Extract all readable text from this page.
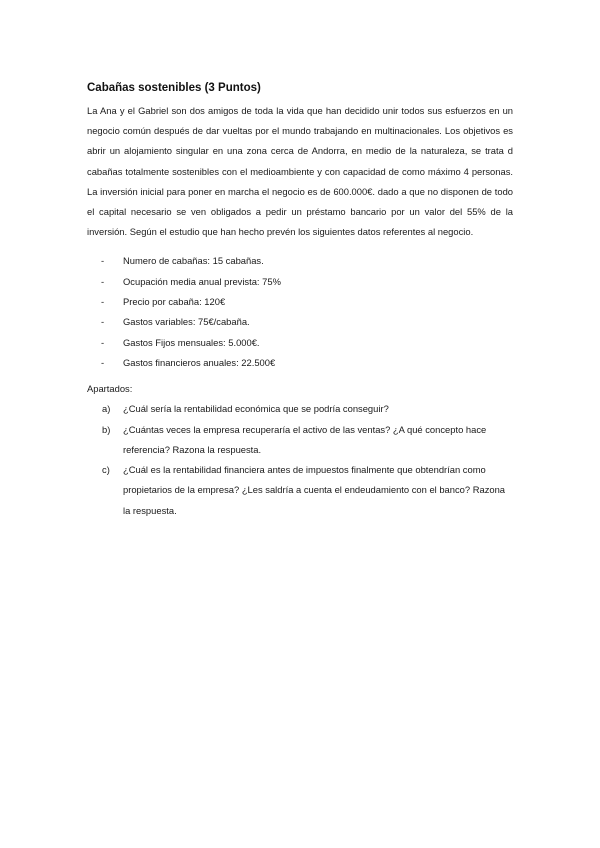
Cabañas sostenibles (3 Puntos)

La Ana y el Gabriel son dos amigos de toda la vida que han decidido unir todos sus esfuerzos en un negocio común después de dar vueltas por el mundo trabajando en multinacionales. Los objetivos es abrir un alojamiento singular en una zona cerca de Andorra, en medio de la naturaleza, se trata d cabañas totalmente sostenibles con el medioambiente y con capacidad de como máximo 4 personas. La inversión inicial para poner en marcha el negocio es de 600.000€. dado a que no disponen de todo el capital necesario se ven obligados a pedir un préstamo bancario por un valor del 55% de la inversión. Según el estudio que han hecho prevén los siguientes datos referentes al negocio.

- Numero de cabañas: 15 cabañas.
- Ocupación media anual prevista: 75%
- Precio por cabaña: 120€
- Gastos variables: 75€/cabaña.
- Gastos Fijos mensuales: 5.000€.
- Gastos financieros anuales: 22.500€

Apartados:

a) ¿Cuál sería la rentabilidad económica que se podría conseguir?
b) ¿Cuántas veces la empresa recuperaría el activo de las ventas? ¿A qué concepto hace referencia? Razona la respuesta.
c) ¿Cuál es la rentabilidad financiera antes de impuestos finalmente que obtendrían como propietarios de la empresa? ¿Les saldría a cuenta el endeudamiento con el banco? Razona la respuesta.
